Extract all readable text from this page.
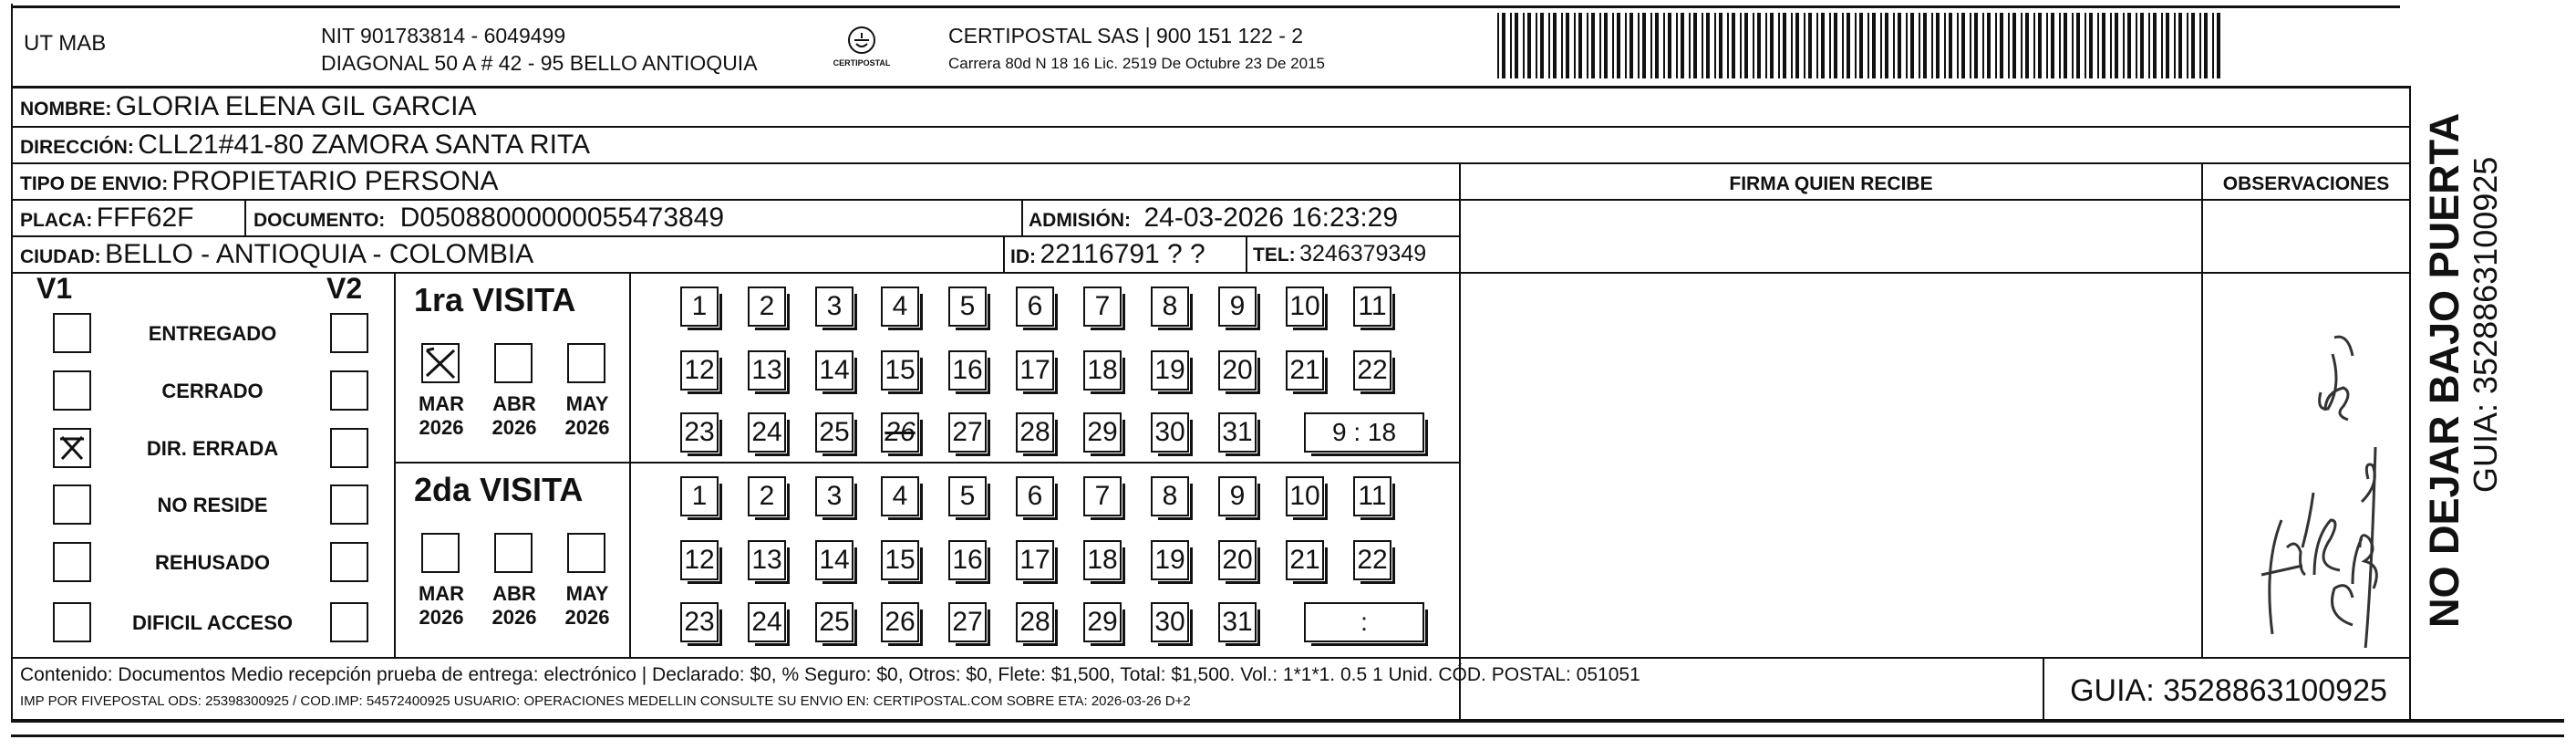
UT MAB	NIT 901783814 - 6049499
DIAGONAL 50 A # 42 - 95 BELLO ANTIOQUIA	CERTIPOSTAL
CERTIPOSTAL SAS | 900 151 122 - 2
Carrera 80d N 18 16 Lic. 2519 De Octubre 23 De 2015
NOMBRE: GLORIA ELENA GIL GARCIA
DIRECCIÓN: CLL21#41-80 ZAMORA SANTA RITA
TIPO DE ENVIO: PROPIETARIO PERSONA	FIRMA QUIEN RECIBE	OBSERVACIONES
PLACA: FFF62F	DOCUMENTO: D05088000000055473849	ADMISIÓN: 24-03-2026 16:23:29
CIUDAD: BELLO - ANTIOQUIA - COLOMBIA	ID: 22116791 ? ? TEL: 3246379349
V1	V2
ENTREGADO
CERRADO
DIR. ERRADA
NO RESIDE
REHUSADO
DIFICIL ACCESO
1ra VISITA
MAR
2026
ABR
2026
MAY
2026
1	2	3	4	5	6	7	8	9	10 11
12 13 14 15 16 17 18 19 20 21 22
23 24 25 26 27 28 29 30 31	9 : 18
2da VISITA
MAR
2026
ABR
2026
MAY
2026
1	2	3	4	5	6	7	8	9	10 11
12 13 14 15 16 17 18 19 20 21 22
23 24 25 26 27 28 29 30 31	:
Contenido: Documentos Medio recepción prueba de entrega: electrónico | Declarado: $0, % Seguro: $0, Otros: $0, Flete: $1,500, Total: $1,500. Vol.: 1*1*1. 0.5 1 Unid. CÓD. POSTAL: 051051
IMP POR FIVEPOSTAL ODS: 25398300925 / COD.IMP: 54572400925 USUARIO: OPERACIONES MEDELLIN CONSULTE SU ENVIO EN: CERTIPOSTAL.COM SOBRE ETA: 2026-03-26 D+2	GUIA: 3528863100925
NO DEJAR BAJO PUERTA GUIA: 3528863100925
